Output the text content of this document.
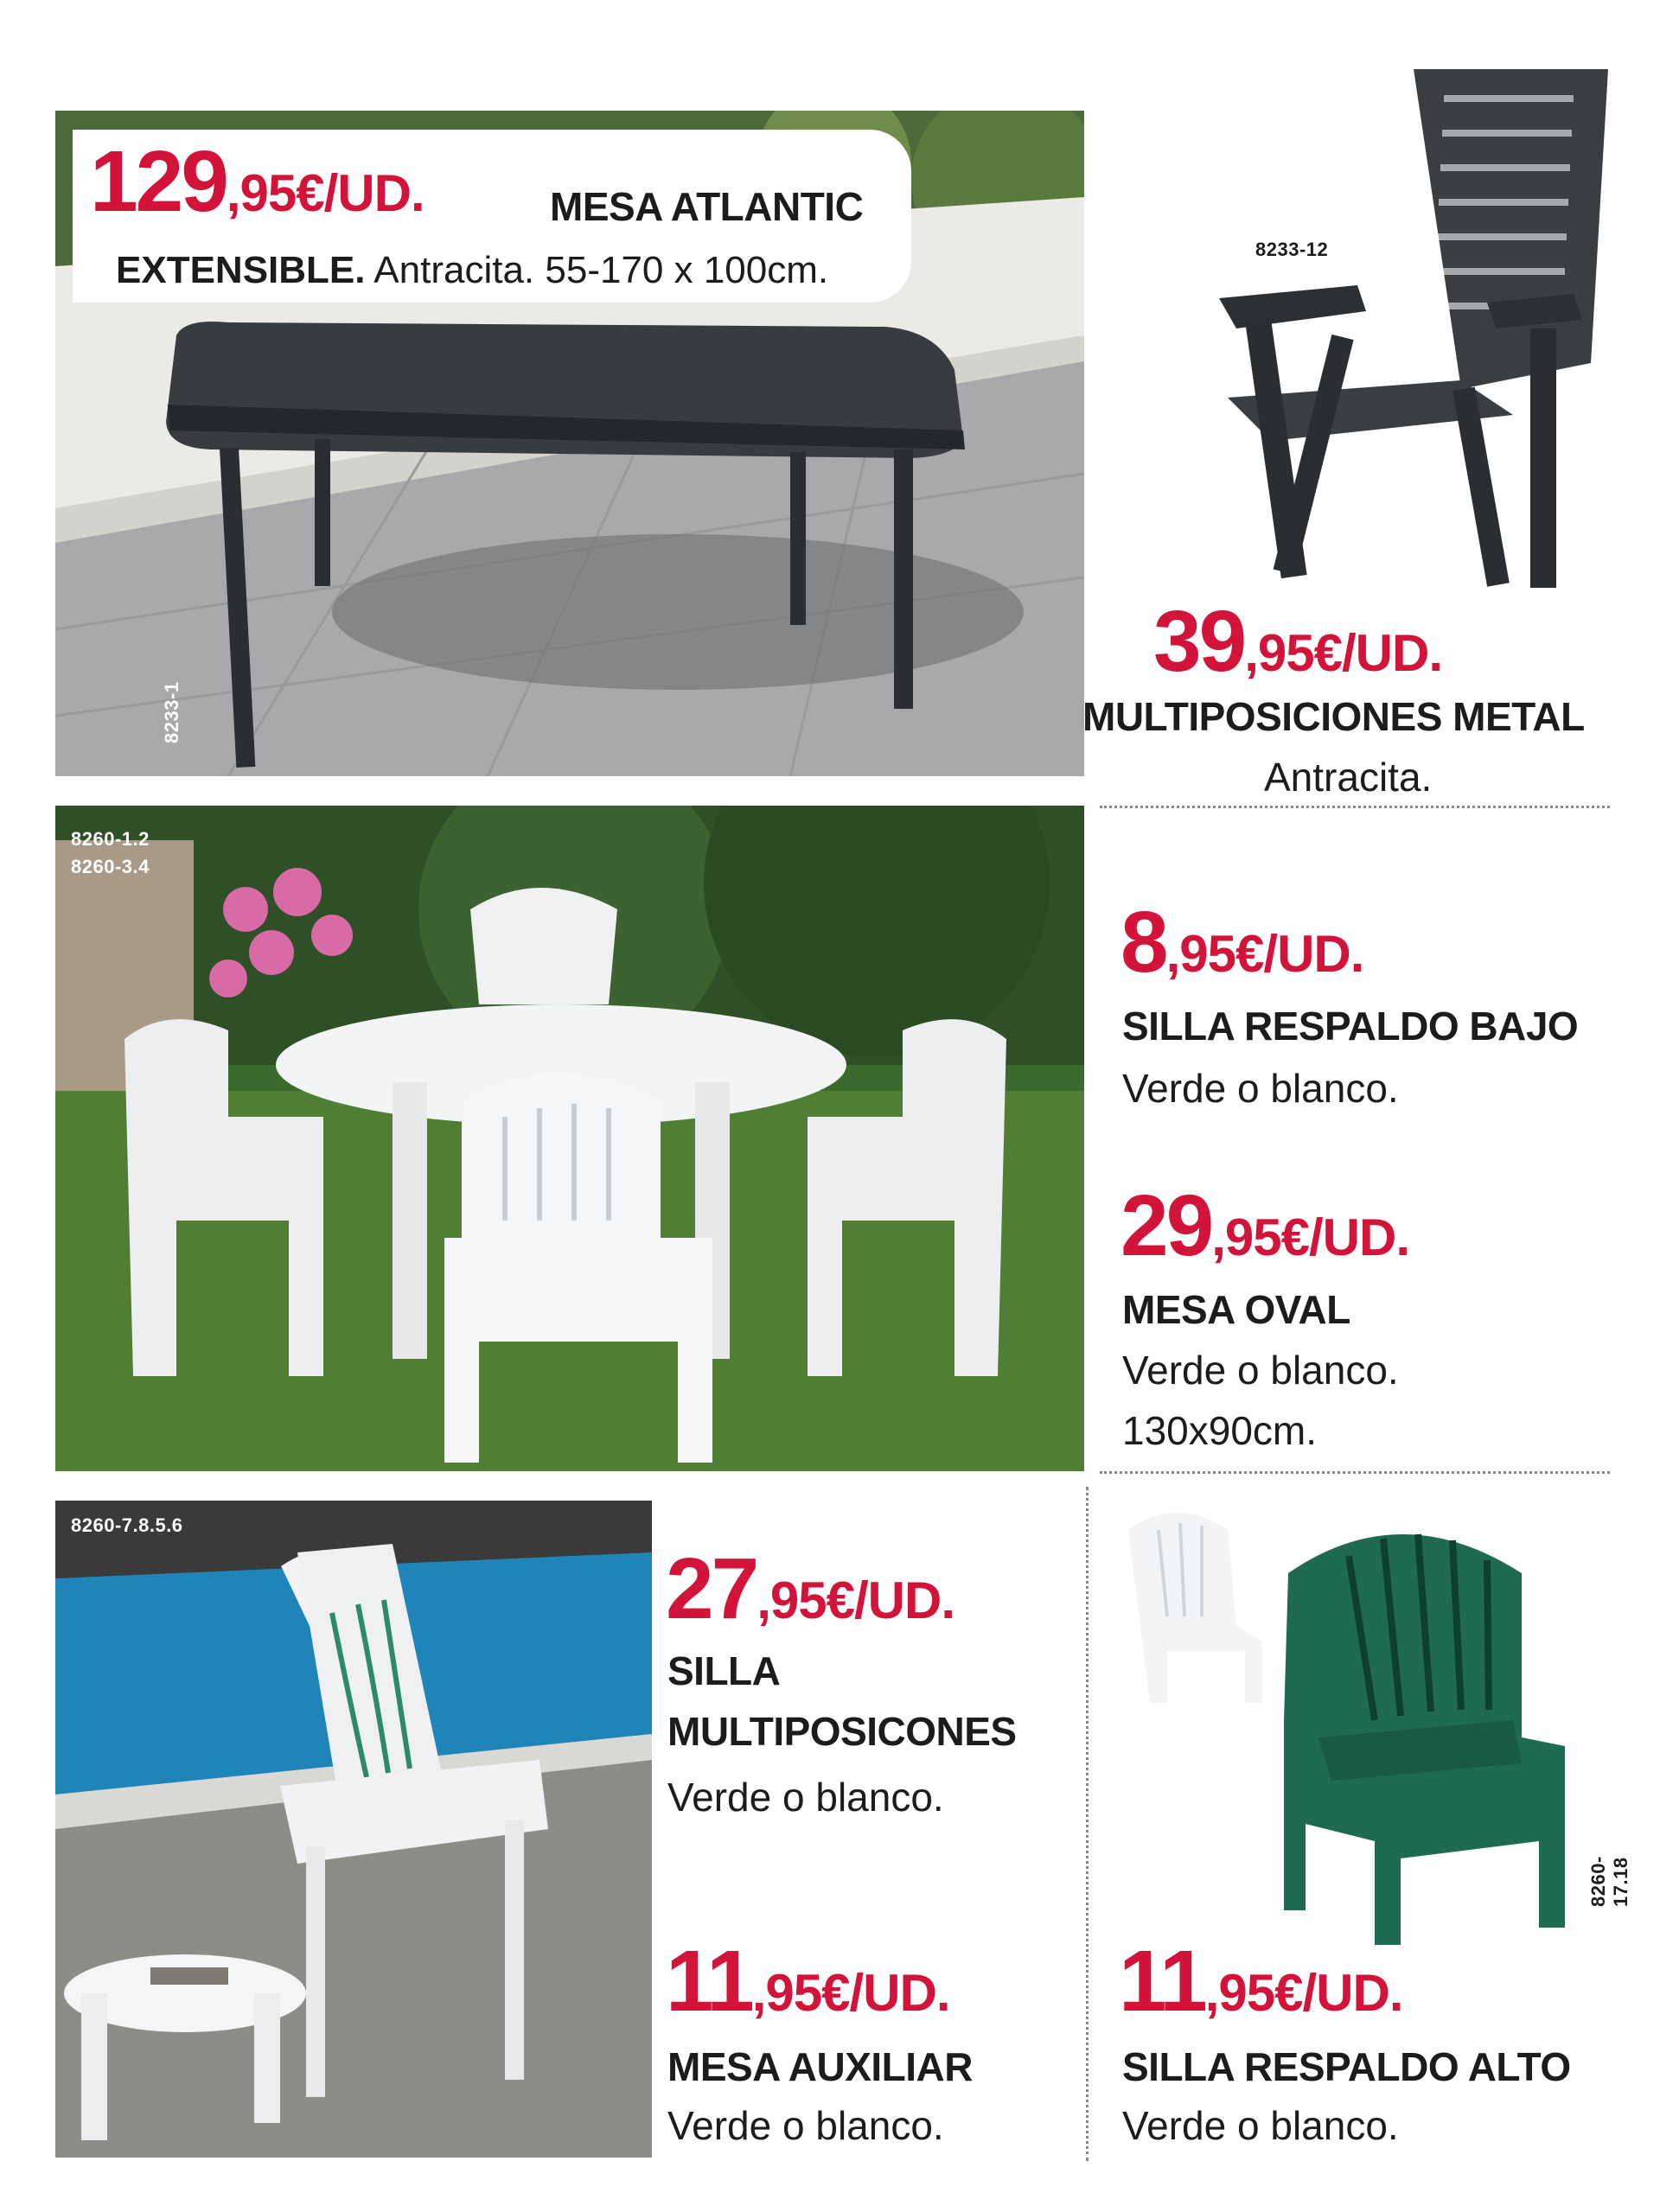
129,95€/UD.	MESA ATLANTIC
EXTENSIBLE. Antracita. 55-170 x 100cm.
8233-1
8233-12
39,95€/UD.
MULTIPOSICIONES METAL
Antracita.
8260-1.2
8260-3.4
8,95€/UD.
SILLA RESPALDO BAJO
Verde o blanco.
29,95€/UD.
MESA OVAL
Verde o blanco.
130x90cm.
8260-7.8.5.6
27,95€/UD.
SILLA
MULTIPOSICONES
Verde o blanco.
11,95€/UD.
MESA AUXILIAR
Verde o blanco.
8260-17.18
11,95€/UD.
SILLA RESPALDO ALTO
Verde o blanco.
